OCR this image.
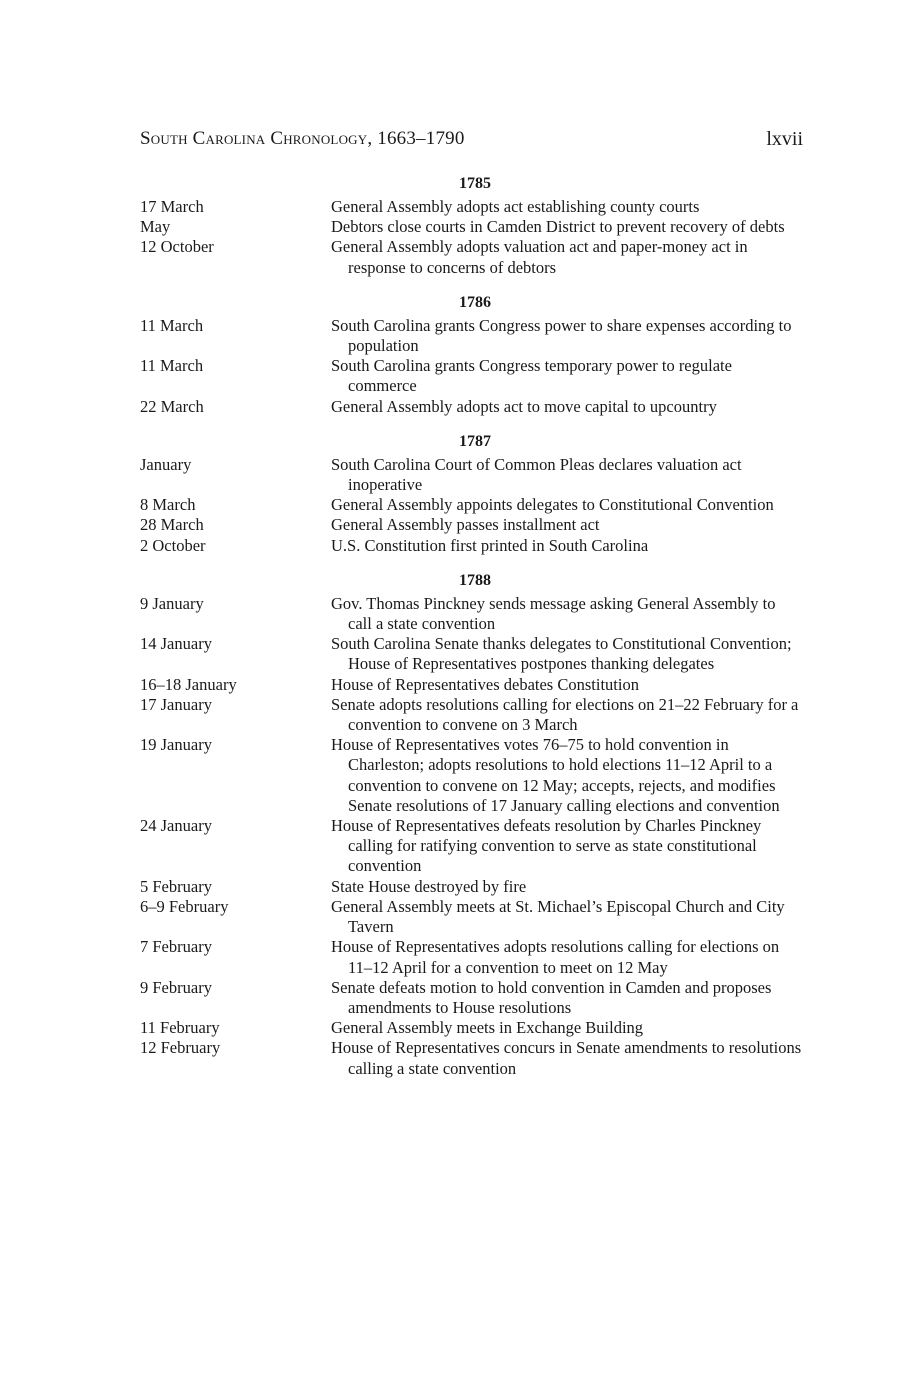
South Carolina Chronology, 1663–1790	lxvii
1785
17 March	General Assembly adopts act establishing county courts
May	Debtors close courts in Camden District to prevent recovery of debts
12 October	General Assembly adopts valuation act and paper-money act in response to concerns of debtors
1786
11 March	South Carolina grants Congress power to share expenses according to population
11 March	South Carolina grants Congress temporary power to regulate commerce
22 March	General Assembly adopts act to move capital to upcountry
1787
January	South Carolina Court of Common Pleas declares valuation act inoperative
8 March	General Assembly appoints delegates to Constitutional Convention
28 March	General Assembly passes installment act
2 October	U.S. Constitution first printed in South Carolina
1788
9 January	Gov. Thomas Pinckney sends message asking General Assembly to call a state convention
14 January	South Carolina Senate thanks delegates to Constitutional Convention; House of Representatives postpones thanking delegates
16–18 January	House of Representatives debates Constitution
17 January	Senate adopts resolutions calling for elections on 21–22 February for a convention to convene on 3 March
19 January	House of Representatives votes 76–75 to hold convention in Charleston; adopts resolutions to hold elections 11–12 April to a convention to convene on 12 May; accepts, rejects, and modifies Senate resolutions of 17 January calling elections and convention
24 January	House of Representatives defeats resolution by Charles Pinckney calling for ratifying convention to serve as state constitutional convention
5 February	State House destroyed by fire
6–9 February	General Assembly meets at St. Michael’s Episcopal Church and City Tavern
7 February	House of Representatives adopts resolutions calling for elections on 11–12 April for a convention to meet on 12 May
9 February	Senate defeats motion to hold convention in Camden and proposes amendments to House resolutions
11 February	General Assembly meets in Exchange Building
12 February	House of Representatives concurs in Senate amendments to resolutions calling a state convention
